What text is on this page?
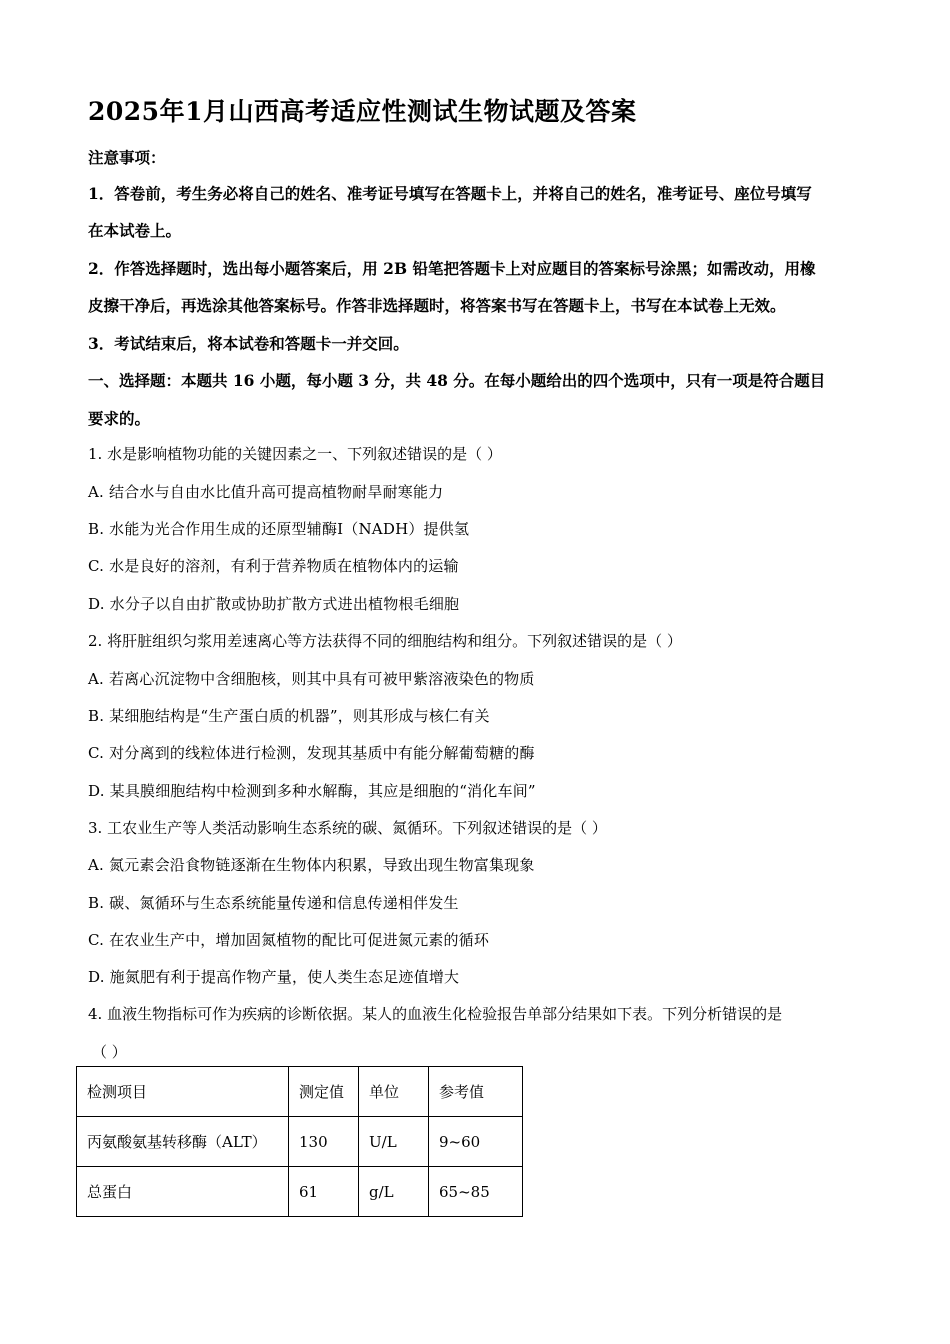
2025年1月山西高考适应性测试生物试题及答案
注意事项：
1．答卷前，考生务必将自己的姓名、准考证号填写在答题卡上，并将自己的姓名，准考证号、座位号填写
在本试卷上。
2．作答选择题时，选出每小题答案后，用 2B 铅笔把答题卡上对应题目的答案标号涂黑；如需改动，用橡
皮擦干净后，再选涂其他答案标号。作答非选择题时，将答案书写在答题卡上，书写在本试卷上无效。
3．考试结束后，将本试卷和答题卡一并交回。
一、选择题：本题共 16 小题，每小题 3 分，共 48 分。在每小题给出的四个选项中，只有一项是符合题目
要求的。
1. 水是影响植物功能的关键因素之一、下列叙述错误的是（ ）
A. 结合水与自由水比值升高可提高植物耐旱耐寒能力
B. 水能为光合作用生成的还原型辅酶Ⅰ（NADH）提供氢
C. 水是良好的溶剂，有利于营养物质在植物体内的运输
D. 水分子以自由扩散或协助扩散方式进出植物根毛细胞
2. 将肝脏组织匀浆用差速离心等方法获得不同的细胞结构和组分。下列叙述错误的是（ ）
A. 若离心沉淀物中含细胞核，则其中具有可被甲紫溶液染色的物质
B. 某细胞结构是“生产蛋白质的机器”，则其形成与核仁有关
C. 对分离到的线粒体进行检测，发现其基质中有能分解葡萄糖的酶
D. 某具膜细胞结构中检测到多种水解酶，其应是细胞的“消化车间”
3. 工农业生产等人类活动影响生态系统的碳、氮循环。下列叙述错误的是（ ）
A. 氮元素会沿食物链逐渐在生物体内积累，导致出现生物富集现象
B. 碳、氮循环与生态系统能量传递和信息传递相伴发生
C. 在农业生产中，增加固氮植物的配比可促进氮元素的循环
D. 施氮肥有利于提高作物产量，使人类生态足迹值增大
4. 血液生物指标可作为疾病的诊断依据。某人的血液生化检验报告单部分结果如下表。下列分析错误的是
（ ）
检测项目	测定值	单位	参考值
丙氨酸氨基转移酶（ALT）	130	U/L	9~60
总蛋白	61	g/L	65~85
